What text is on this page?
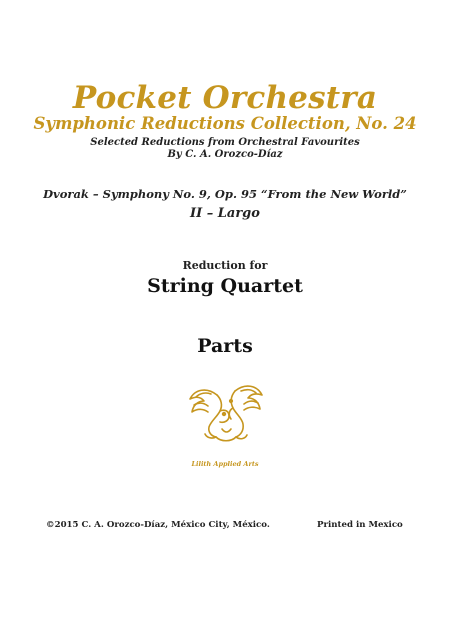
Pocket Orchestra
Symphonic Reductions Collection, No. 24
Selected Reductions from Orchestral Favourites
By C. A. Orozco-Díaz
Dvorak – Symphony No. 9, Op. 95 “From the New World”
II – Largo
Reduction for
String Quartet
Parts
Lilith Applied Arts
©2015 C. A. Orozco-Díaz, México City, México.	Printed in Mexico
